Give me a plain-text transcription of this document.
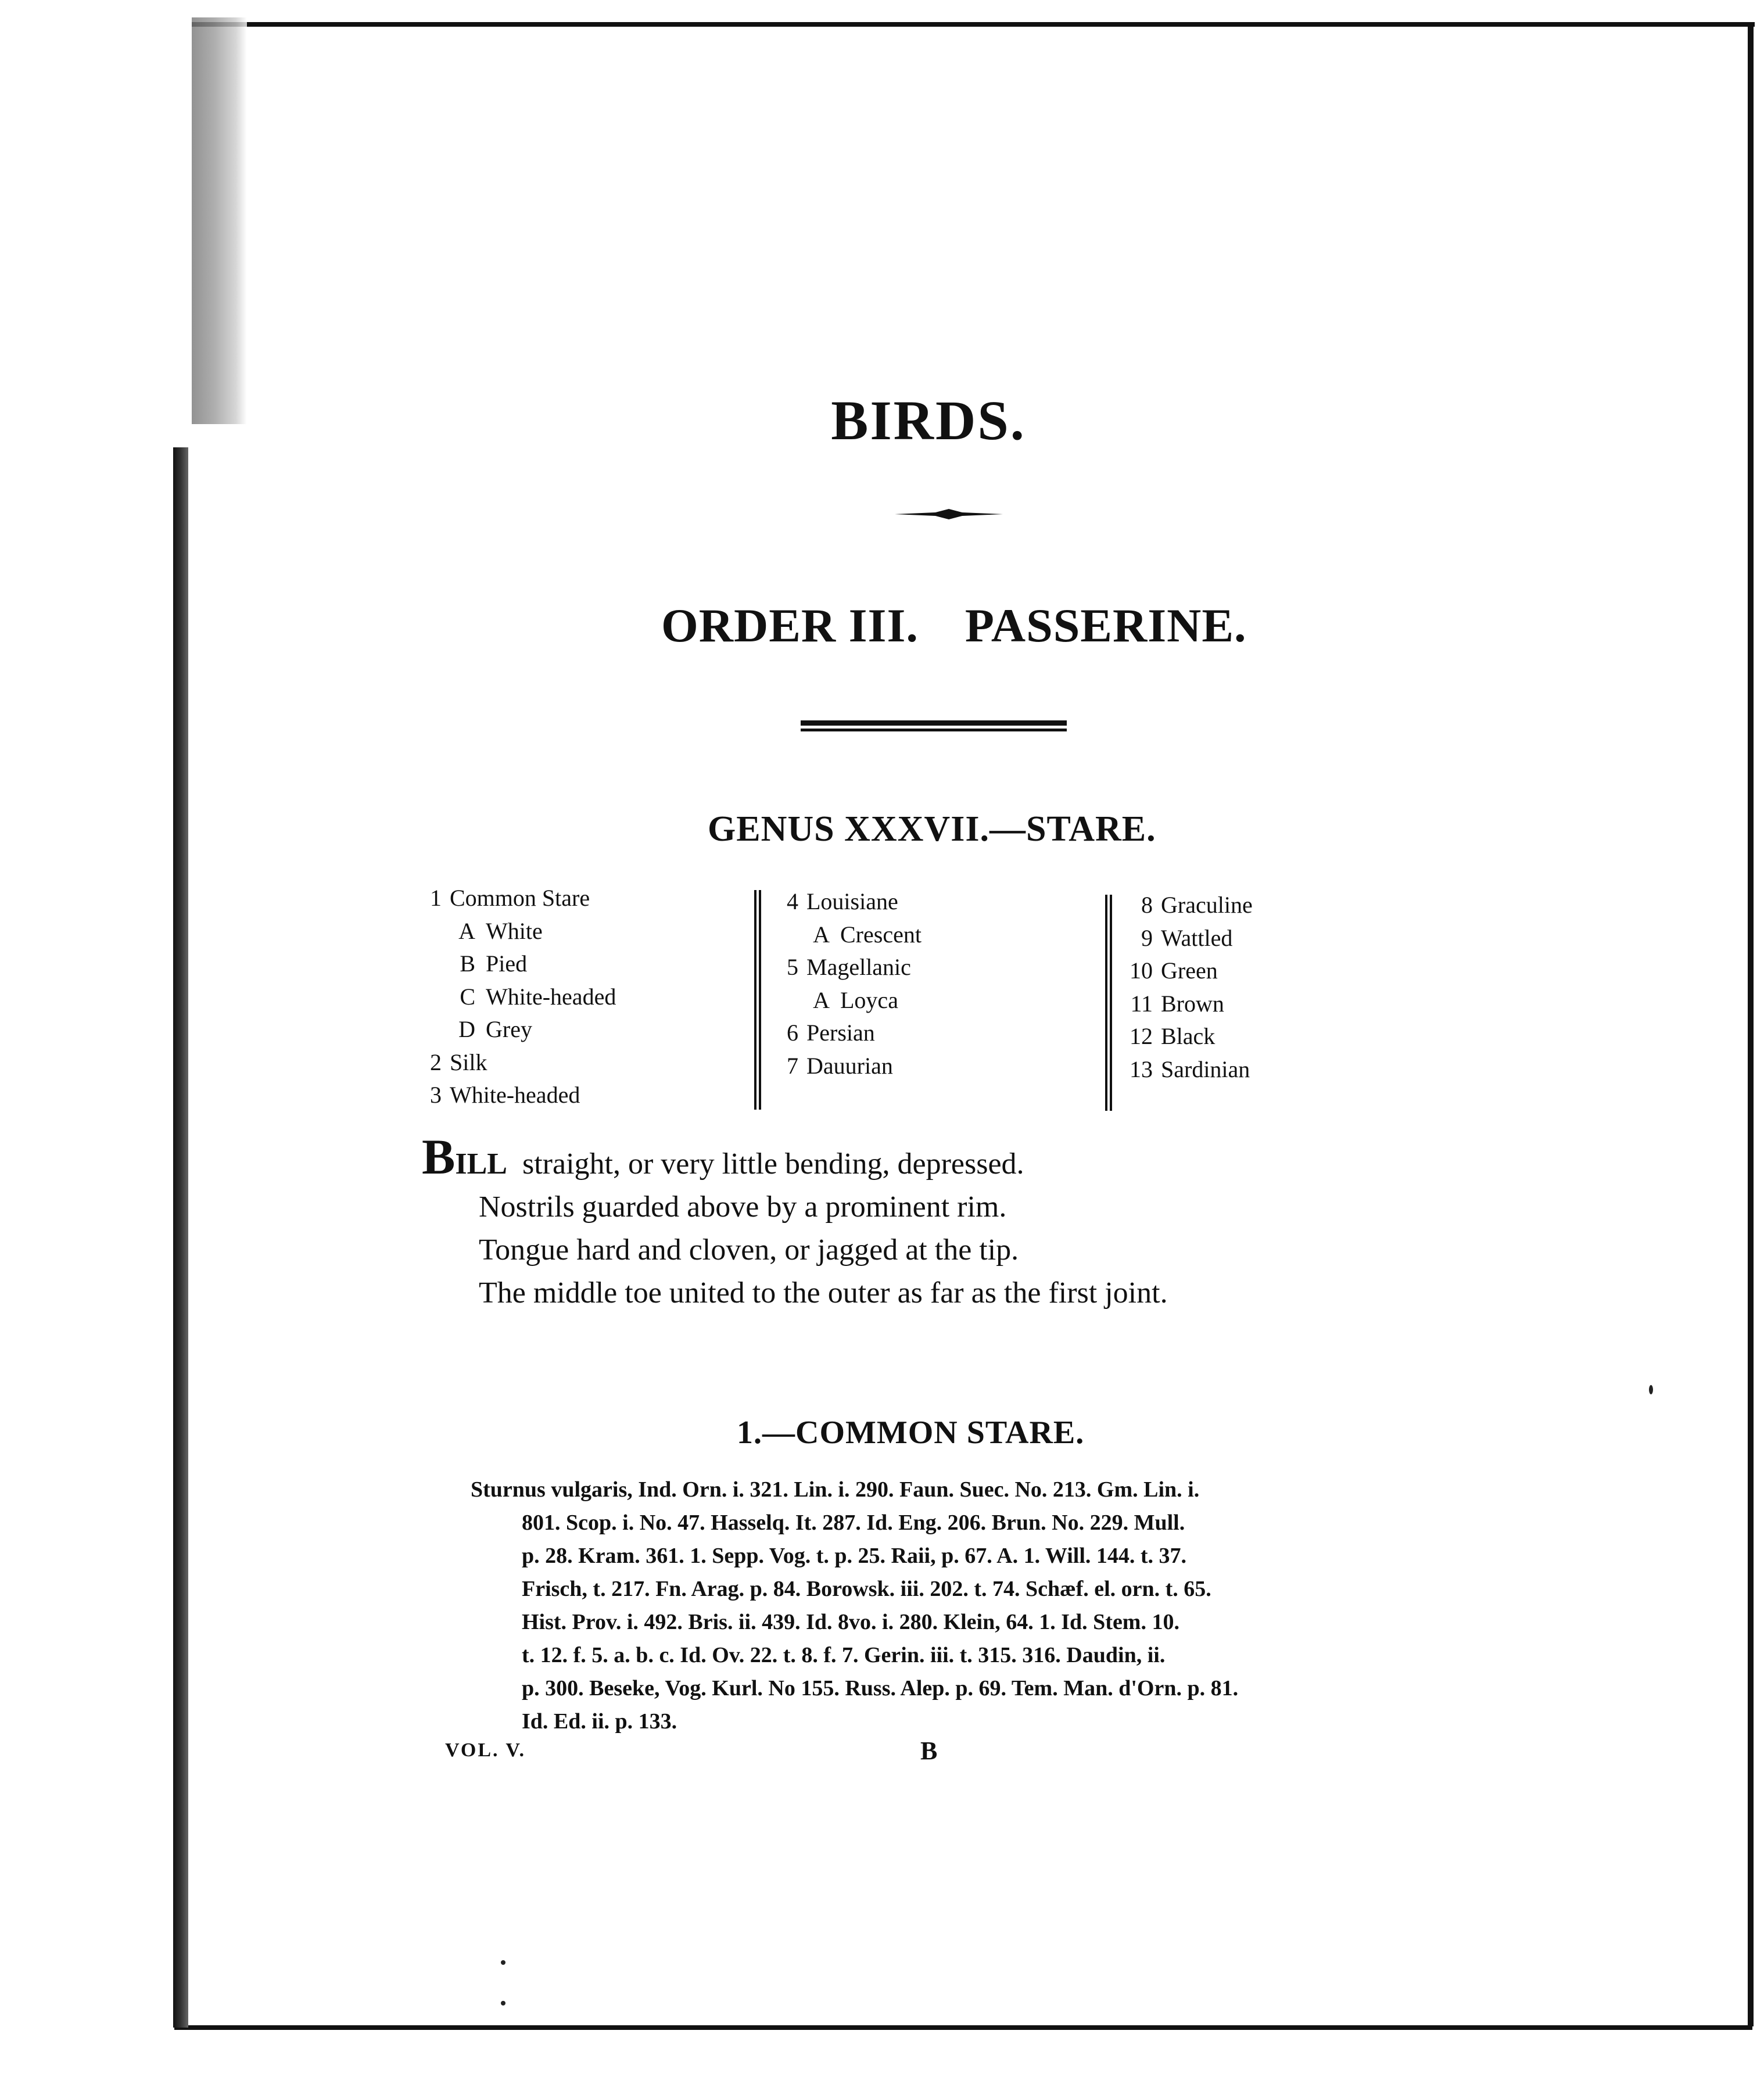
BIRDS.
ORDER III. PASSERINE.
GENUS XXXVII.—STARE.
1 Common Stare
A White
B Pied
C White-headed
D Grey
2 Silk
3 White-headed
4 Louisiane
A Crescent
5 Magellanic
A Loyca
6 Persian
7 Dauurian
8 Graculine
9 Wattled
10 Green
11 Brown
12 Black
13 Sardinian
BILL straight, or very little bending, depressed.
Nostrils guarded above by a prominent rim.
Tongue hard and cloven, or jagged at the tip.
The middle toe united to the outer as far as the first joint.
1.—COMMON STARE.
Sturnus vulgaris, Ind. Orn. i. 321. Lin. i. 290. Faun. Suec. No. 213. Gm. Lin. i.
801. Scop. i. No. 47. Hasselq. It. 287. Id. Eng. 206. Brun. No. 229. Mull.
p. 28. Kram. 361. 1. Sepp. Vog. t. p. 25. Raii, p. 67. A. 1. Will. 144. t. 37.
Frisch, t. 217. Fn. Arag. p. 84. Borowsk. iii. 202. t. 74. Schæf. el. orn. t. 65.
Hist. Prov. i. 492. Bris. ii. 439. Id. 8vo. i. 280. Klein, 64. 1. Id. Stem. 10.
t. 12. f. 5. a. b. c. Id. Ov. 22. t. 8. f. 7. Gerin. iii. t. 315. 316. Daudin, ii.
p. 300. Beseke, Vog. Kurl. No 155. Russ. Alep. p. 69. Tem. Man. d'Orn. p. 81.
Id. Ed. ii. p. 133.
VOL. V.	B
